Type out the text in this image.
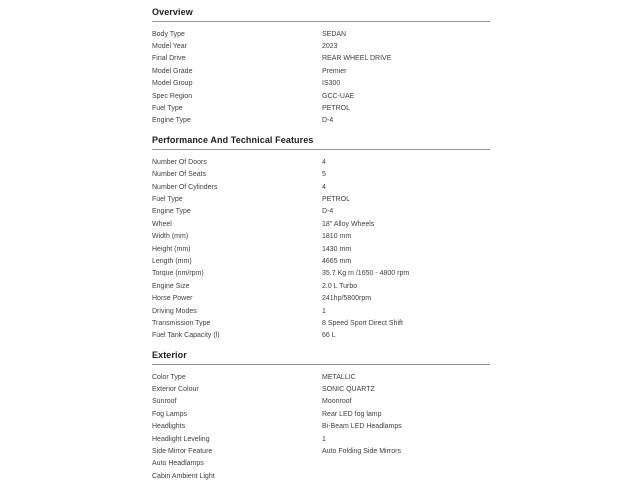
Overview
Body Type	SEDAN
Model Year	2023
Final Drive	REAR WHEEL DRIVE
Model Grade	Premier
Model Group	IS300
Spec Region	GCC-UAE
Fuel Type	PETROL
Engine Type	D-4
Performance And Technical Features
Number Of Doors	4
Number Of Seats	5
Number Of Cylinders	4
Fuel Type	PETROL
Engine Type	D-4
Wheel	18" Alloy Wheels
Width (mm)	1810 mm
Height (mm)	1430 mm
Length (mm)	4665 mm
Torque (nm/rpm)	35.7 Kg m /1650 - 4800 rpm
Engine Size	2.0 L Turbo
Horse Power	241hp/5800rpm
Driving Modes	1
Transmission Type	8 Speed Sport Direct Shift
Fuel Tank Capacity (l)	66 L
Exterior
Color Type	METALLIC
Exterior Colour	SONIC QUARTZ
Sunroof	Moonroof
Fog Lamps	Rear LED fog lamp
Headlights	Bi-Beam LED Headlamps
Headlight Leveling	1
Side Mirror Feature	Auto Folding Side Mirrors
Auto Headlamps
Cabin Ambient Light
